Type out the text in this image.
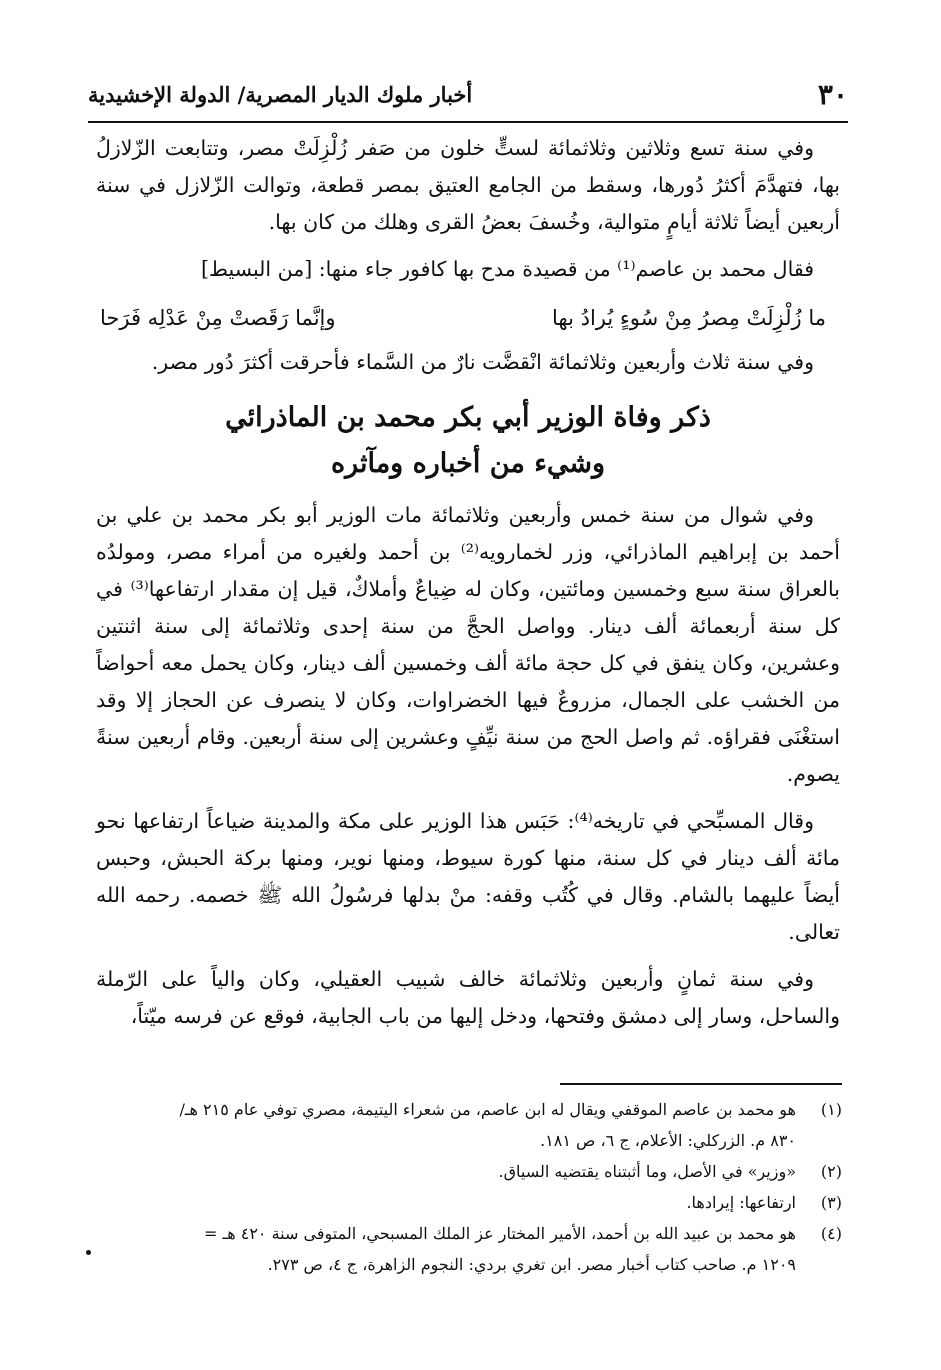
٣٠
أخبار ملوك الديار المصرية/ الدولة الإخشيدية

وفي سنة تسع وثلاثين وثلاثمائة لستٍّ خلون من صَفر زُلْزِلَتْ مصر، وتتابعت الزّلازلُ بها، فتهدَّمَ أكثرُ دُورها، وسقط من الجامع العتيق بمصر قطعة، وتوالت الزّلازل في سنة أربعين أيضاً ثلاثة أيامٍ متوالية، وخُسفَ بعضُ القرى وهلك من كان بها.

فقال محمد بن عاصم⁽¹⁾ من قصيدة مدح بها كافور جاء منها: [من البسيط]

ما زُلْزِلَتْ مِصرُ مِنْ سُوءٍ يُرادُ بها
وإنَّما رَقَصتْ مِنْ عَدْلِه فَرَحا

وفي سنة ثلاث وأربعين وثلاثمائة انْقضَّت نارٌ من السَّماء فأحرقت أكثرَ دُور مصر.

ذكر وفاة الوزير أبي بكر محمد بن الماذرائي
وشيء من أخباره ومآثره

وفي شوال من سنة خمس وأربعين وثلاثمائة مات الوزير أبو بكر محمد بن علي بن أحمد بن إبراهيم الماذرائي، وزر لخمارويه⁽²⁾ بن أحمد ولغيره من أمراء مصر، ومولدُه بالعراق سنة سبع وخمسين ومائتين، وكان له ضِياعٌ وأملاكٌ، قيل إن مقدار ارتفاعها⁽³⁾ في كل سنة أربعمائة ألف دينار. وواصل الحجَّ من سنة إحدى وثلاثمائة إلى سنة اثنتين وعشرين، وكان ينفق في كل حجة مائة ألف وخمسين ألف دينار، وكان يحمل معه أحواضاً من الخشب على الجمال، مزروعٌ فيها الخضراوات، وكان لا ينصرف عن الحجاز إلا وقد استغْنَى فقراؤه. ثم واصل الحج من سنة نيِّفٍ وعشرين إلى سنة أربعين. وقام أربعين سنةً يصوم.

وقال المسبِّحي في تاريخه⁽⁴⁾: حَبَس هذا الوزير على مكة والمدينة ضياعاً ارتفاعها نحو مائة ألف دينار في كل سنة، منها كورة سيوط، ومنها نوير، ومنها بركة الحبش، وحبس أيضاً عليهما بالشام. وقال في كُتُب وقفه: منْ بدلها فرسُولُ الله ﷺ خصمه. رحمه الله تعالى.

وفي سنة ثمانٍ وأربعين وثلاثمائة خالف شبيب العقيلي، وكان والياً على الرّملة والساحل، وسار إلى دمشق وفتحها، ودخل إليها من باب الجابية، فوقع عن فرسه ميّتاً،

(١)
هو محمد بن عاصم الموقفي ويقال له ابن عاصم، من شعراء اليتيمة، مصري توفي عام ٢١٥ هـ/
٨٣٠ م. الزركلي: الأعلام، ج ٦، ص ١٨١.
(٢)
«وزير» في الأصل، وما أثبتناه يقتضيه السياق.
(٣)
ارتفاعها: إيرادها.
(٤)
هو محمد بن عبيد الله بن أحمد، الأمير المختار عز الملك المسبحي، المتوفى سنة ٤٢٠ هـ =
١٢٠٩ م. صاحب كتاب أخبار مصر. ابن تغري بردي: النجوم الزاهرة، ج ٤، ص ٢٧٣.
